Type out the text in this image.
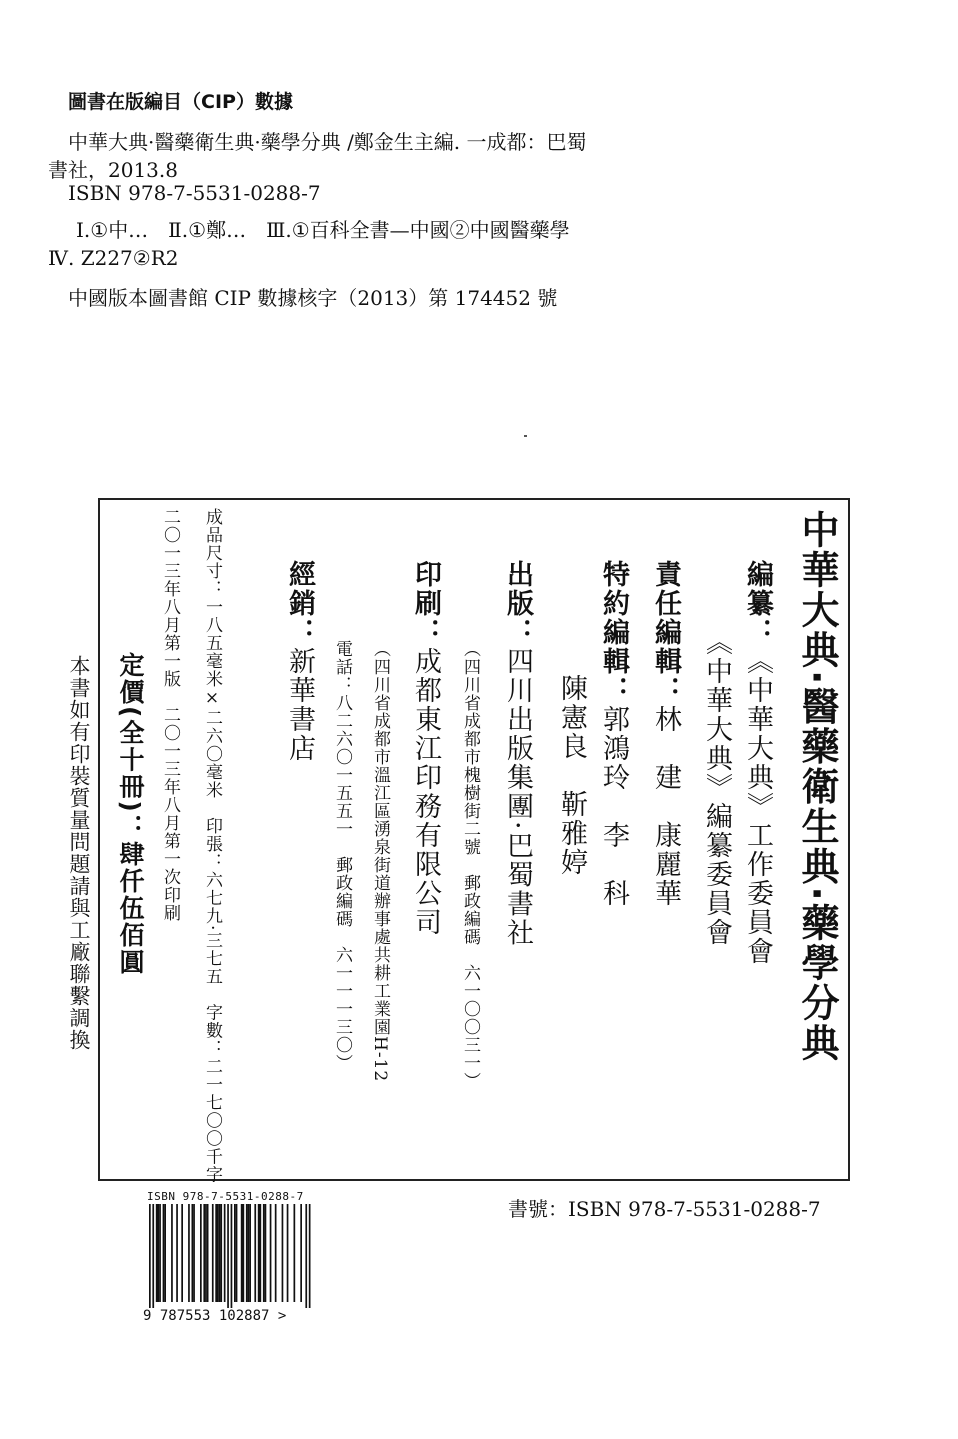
圖書在版編目（CIP）數據
中華大典·醫藥衛生典·藥學分典 /鄭金生主編. 一成都：巴蜀
書社，2013.8
ISBN 978-7-5531-0288-7
Ⅰ.①中…　Ⅱ.①鄭…　Ⅲ.①百科全書—中國②中國醫藥學
Ⅳ. Z227②R2
中國版本圖書館 CIP 數據核字（2013）第 174452 號
中華大典·醫藥衛生典·藥學分典
編纂：《中華大典》工作委員會
《中華大典》編纂委員會
責任編輯：林　建　康麗華
特約編輯：郭鴻玲　李　科
陳憲良　靳雅婷
出版：四川出版集團·巴蜀書社
（四川省成都市槐樹街二號　郵政編碼　六一〇〇三一）
印刷：成都東江印務有限公司
（四川省成都市溫江區湧泉街道辦事處共耕工業園H-12
電話：八二六〇一五五一　郵政編碼　六一一一三〇）
經銷：新華書店
成品尺寸：一八五毫米×二六〇毫米　印張：六七九·三七五　字數：二一七〇〇千字
二〇一三年八月第一版　二〇一三年八月第一次印刷
定價(全十冊)：肆仟伍佰圓
本書如有印裝質量問題請與工廠聯繫調換
ISBN 978-7-5531-0288-7
9 787553 102887 >
書號：ISBN 978-7-5531-0288-7
